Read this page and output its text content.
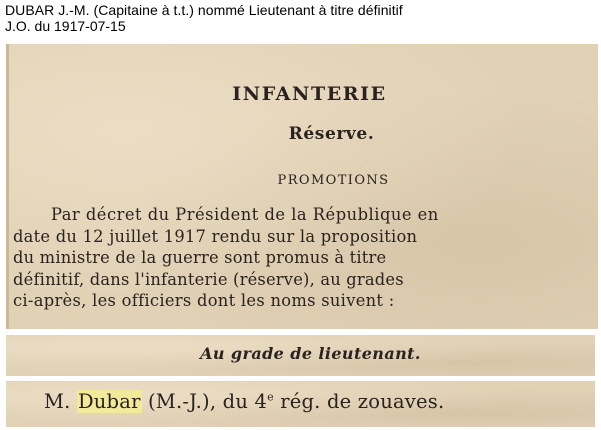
DUBAR J.-M. (Capitaine à t.t.) nommé Lieutenant à titre définitif
J.O. du 1917-07-15
INFANTERIE
Réserve.
PROMOTIONS
Par décret du Président de la République en
date du 12 juillet 1917 rendu sur la proposition
du ministre de la guerre sont promus à titre
définitif, dans l'infanterie (réserve), au grades
ci-après, les officiers dont les noms suivent :
Au grade de lieutenant.
M. Dubar (M.-J.), du 4e rég. de zouaves.
